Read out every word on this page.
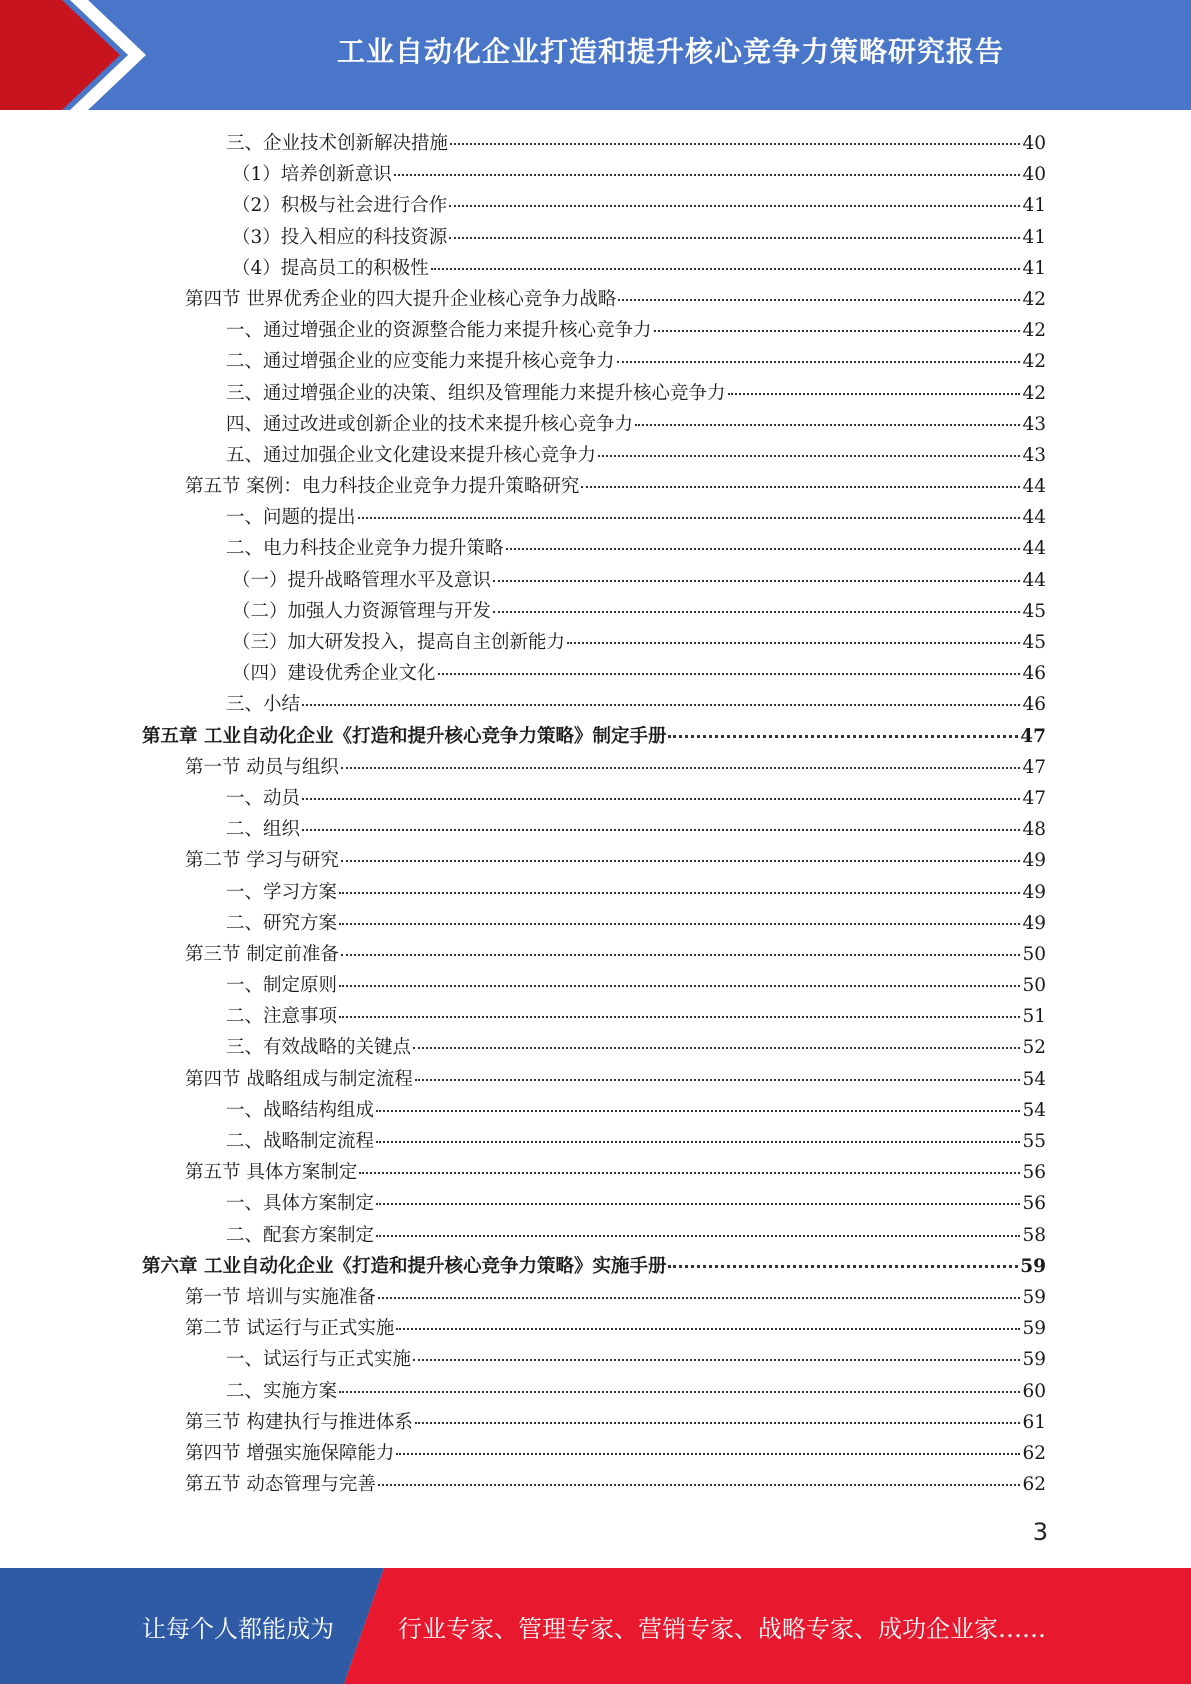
工业自动化企业打造和提升核心竞争力策略研究报告
三、企业技术创新解决措施	40
（1）培养创新意识	40
（2）积极与社会进行合作	41
（3）投入相应的科技资源	41
（4）提高员工的积极性	41
第四节 世界优秀企业的四大提升企业核心竞争力战略	42
一、通过增强企业的资源整合能力来提升核心竞争力	42
二、通过增强企业的应变能力来提升核心竞争力	42
三、通过增强企业的决策、组织及管理能力来提升核心竞争力	42
四、通过改进或创新企业的技术来提升核心竞争力	43
五、通过加强企业文化建设来提升核心竞争力	43
第五节 案例：电力科技企业竞争力提升策略研究	44
一、问题的提出	44
二、电力科技企业竞争力提升策略	44
（一）提升战略管理水平及意识	44
（二）加强人力资源管理与开发	45
（三）加大研发投入，提高自主创新能力	45
（四）建设优秀企业文化	46
三、小结	46
第五章 工业自动化企业《打造和提升核心竞争力策略》制定手册	47
第一节 动员与组织	47
一、动员	47
二、组织	48
第二节 学习与研究	49
一、学习方案	49
二、研究方案	49
第三节 制定前准备	50
一、制定原则	50
二、注意事项	51
三、有效战略的关键点	52
第四节 战略组成与制定流程	54
一、战略结构组成	54
二、战略制定流程	55
第五节 具体方案制定	56
一、具体方案制定	56
二、配套方案制定	58
第六章 工业自动化企业《打造和提升核心竞争力策略》实施手册	59
第一节 培训与实施准备	59
第二节 试运行与正式实施	59
一、试运行与正式实施	59
二、实施方案	60
第三节 构建执行与推进体系	61
第四节 增强实施保障能力	62
第五节 动态管理与完善	62
3
让每个人都能成为	行业专家、管理专家、营销专家、战略专家、成功企业家……
